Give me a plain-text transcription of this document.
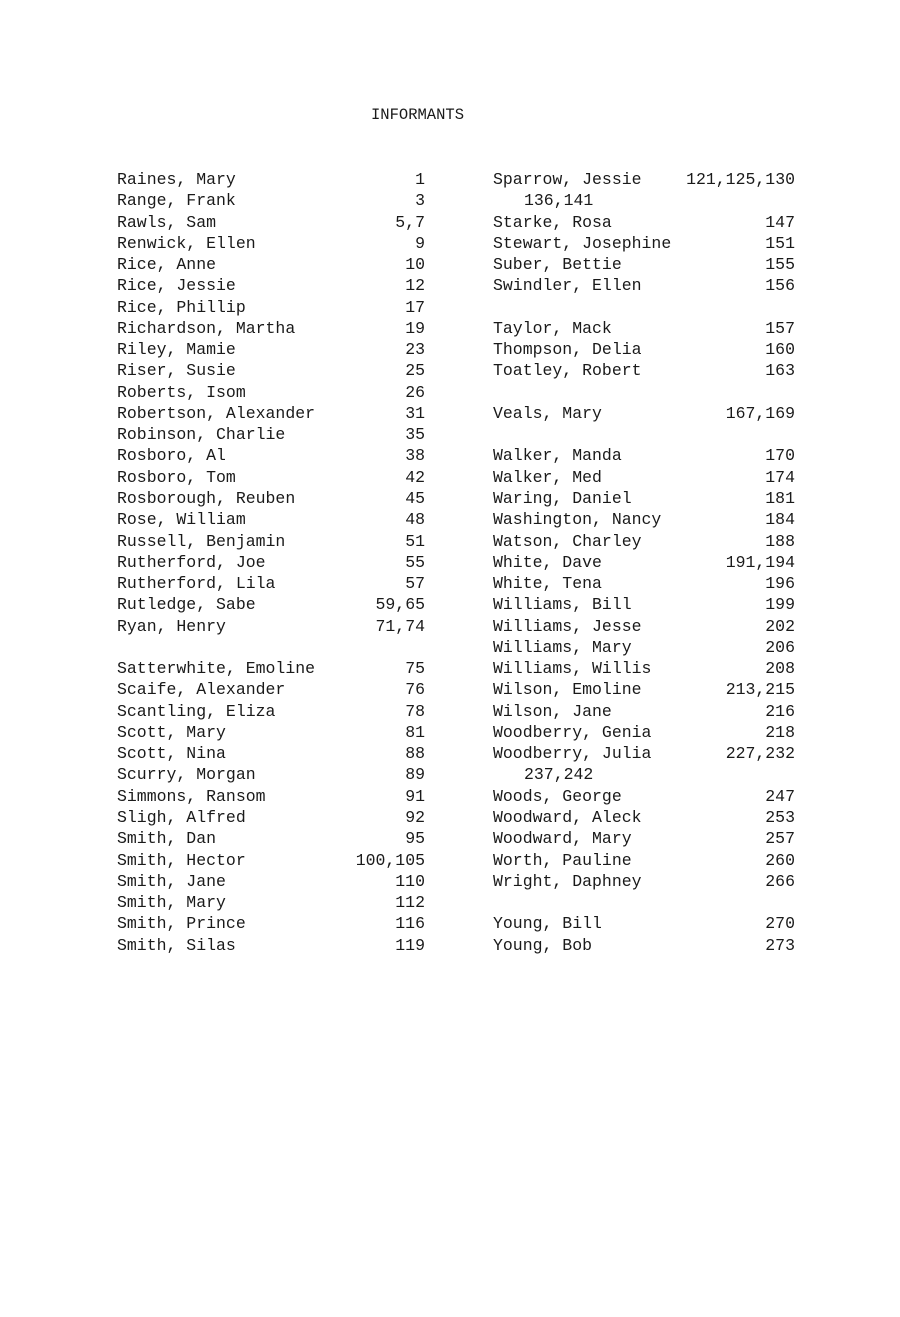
INFORMANTS
Raines, Mary	1
Range, Frank	3
Rawls, Sam	5,7
Renwick, Ellen	9
Rice, Anne	10
Rice, Jessie	12
Rice, Phillip	17
Richardson, Martha	19
Riley, Mamie	23
Riser, Susie	25
Roberts, Isom	26
Robertson, Alexander	31
Robinson, Charlie	35
Rosboro, Al	38
Rosboro, Tom	42
Rosborough, Reuben	45
Rose, William	48
Russell, Benjamin	51
Rutherford, Joe	55
Rutherford, Lila	57
Rutledge, Sabe	59,65
Ryan, Henry	71,74
Satterwhite, Emoline	75
Scaife, Alexander	76
Scantling, Eliza	78
Scott, Mary	81
Scott, Nina	88
Scurry, Morgan	89
Simmons, Ransom	91
Sligh, Alfred	92
Smith, Dan	95
Smith, Hector	100,105
Smith, Jane	110
Smith, Mary	112
Smith, Prince	116
Smith, Silas	119
Sparrow, Jessie	121,125,130
136,141
Starke, Rosa	147
Stewart, Josephine	151
Suber, Bettie	155
Swindler, Ellen	156
Taylor, Mack	157
Thompson, Delia	160
Toatley, Robert	163
Veals, Mary	167,169
Walker, Manda	170
Walker, Med	174
Waring, Daniel	181
Washington, Nancy	184
Watson, Charley	188
White, Dave	191,194
White, Tena	196
Williams, Bill	199
Williams, Jesse	202
Williams, Mary	206
Williams, Willis	208
Wilson, Emoline	213,215
Wilson, Jane	216
Woodberry, Genia	218
Woodberry, Julia	227,232
237,242
Woods, George	247
Woodward, Aleck	253
Woodward, Mary	257
Worth, Pauline	260
Wright, Daphney	266
Young, Bill	270
Young, Bob	273
